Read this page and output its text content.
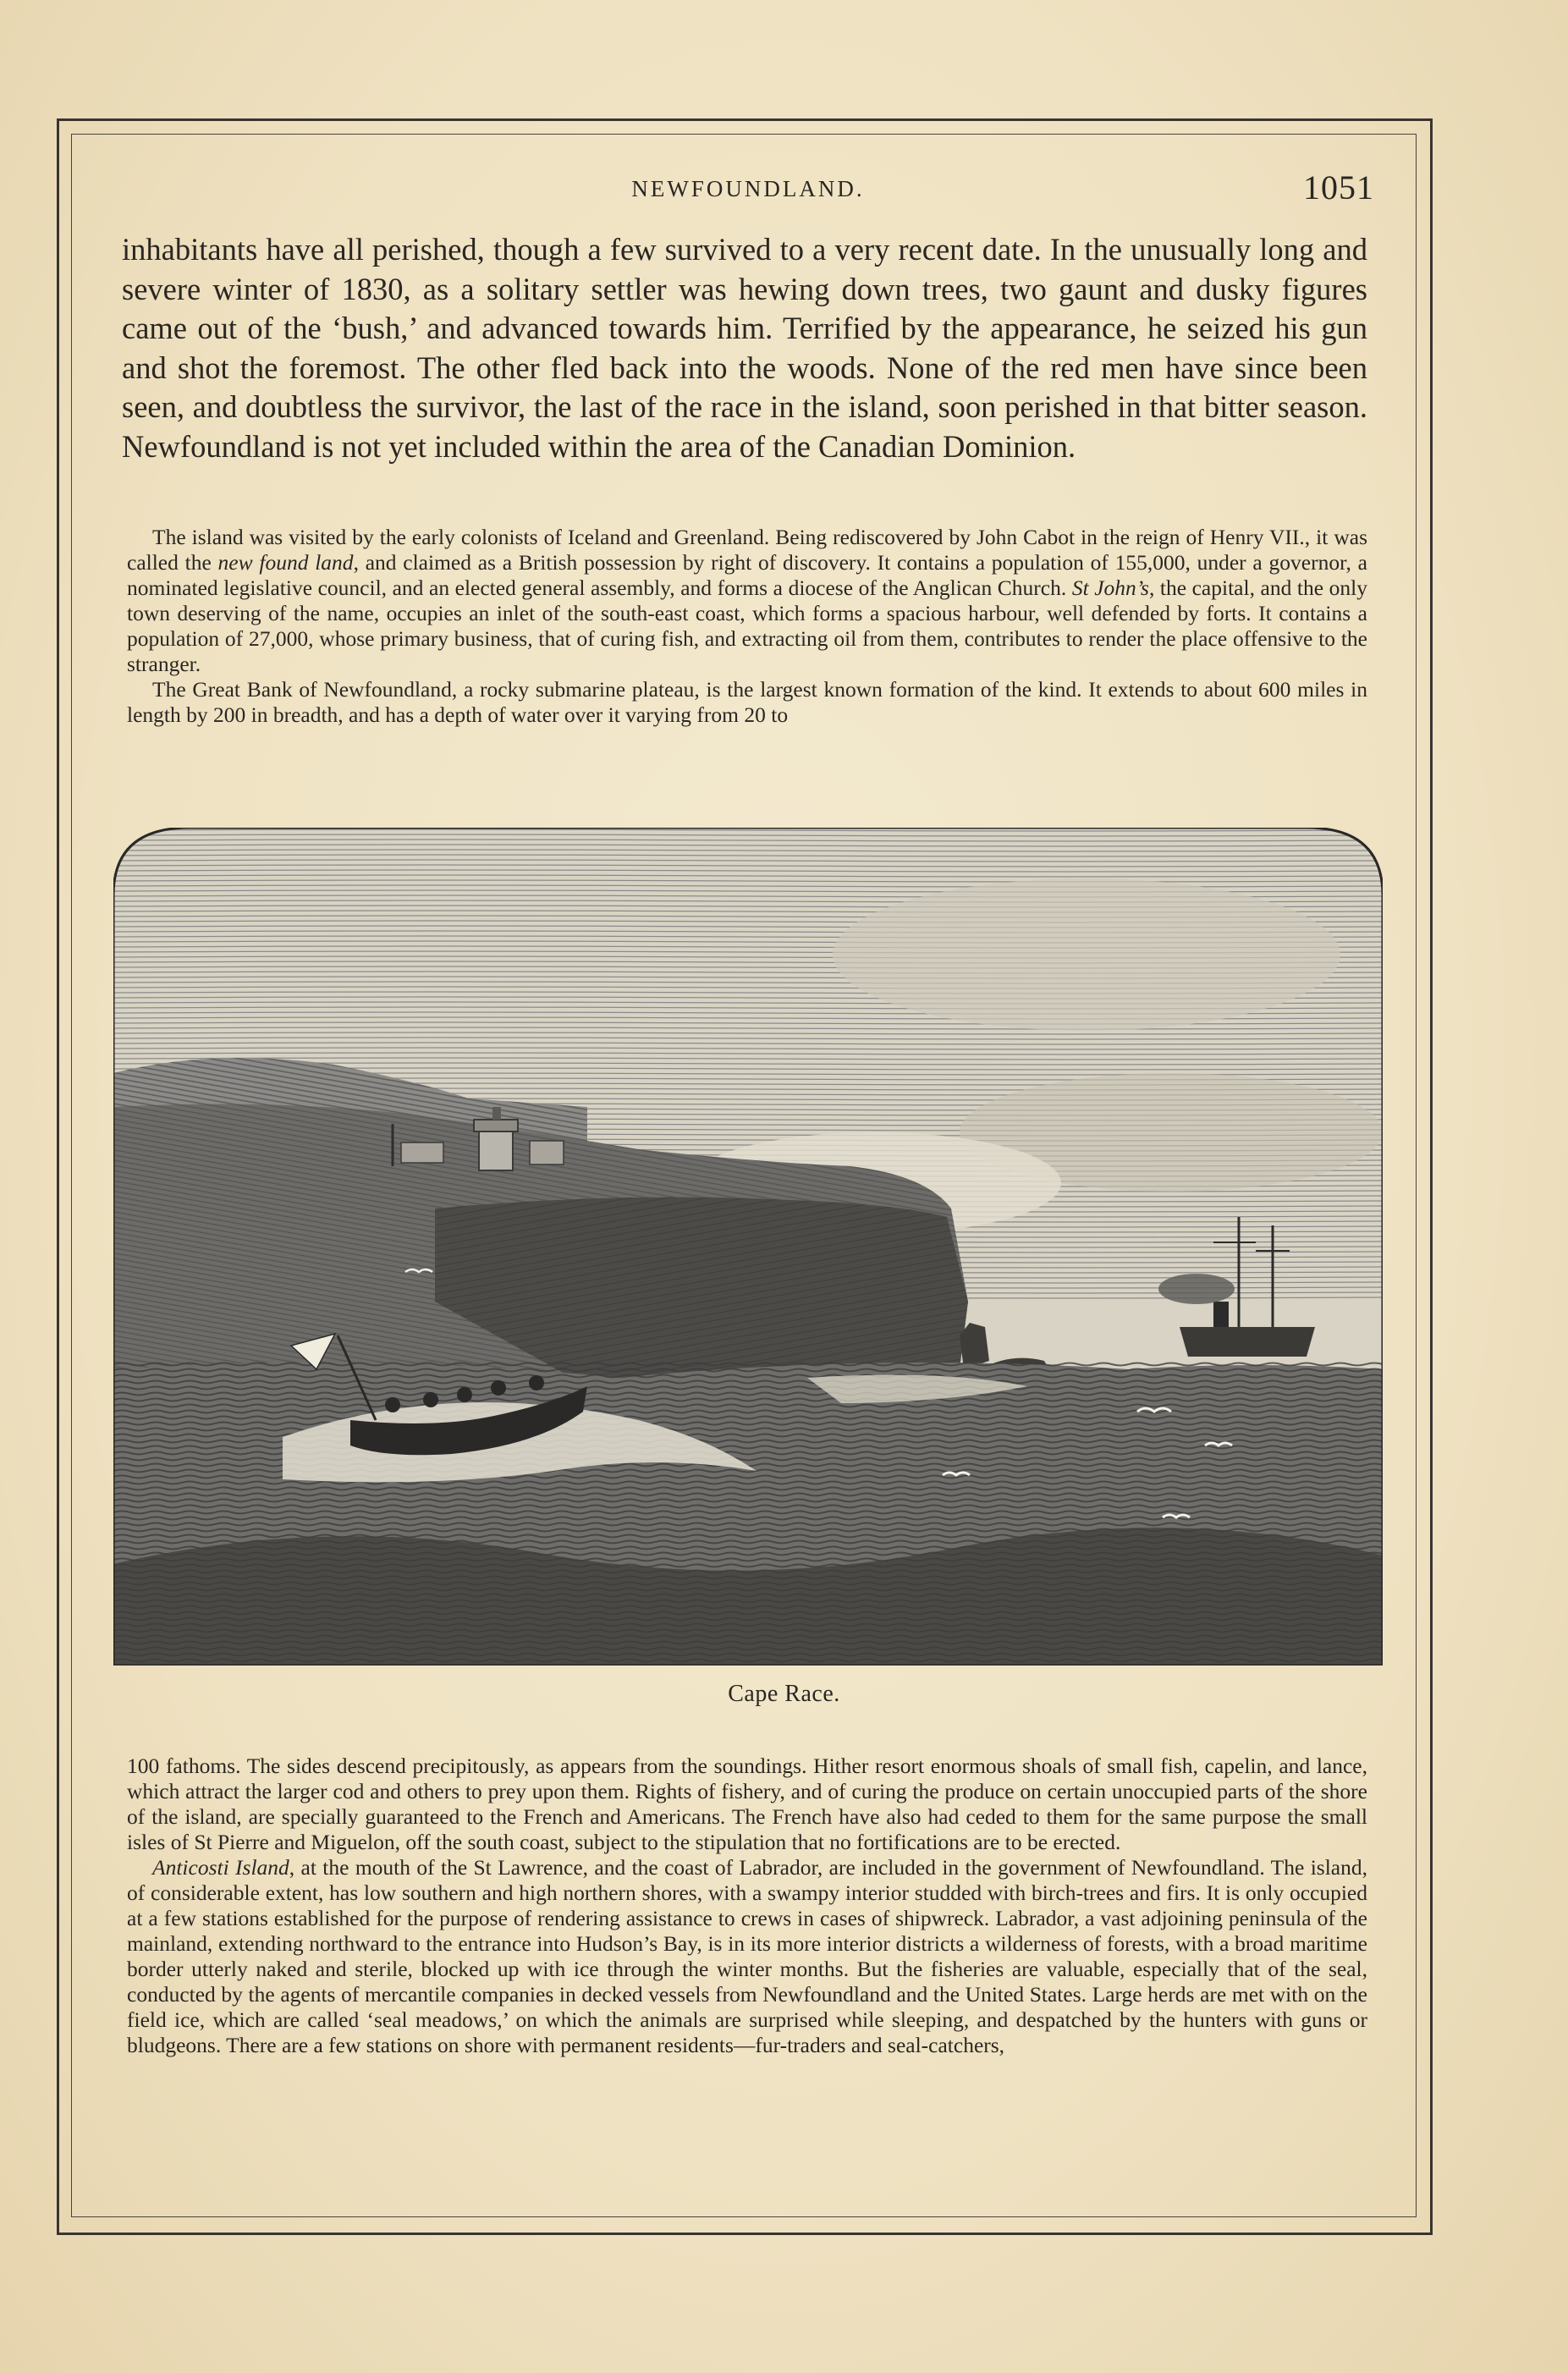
NEWFOUNDLAND.	1051

inhabitants have all perished, though a few survived to a very recent date. In the unusually long and severe winter of 1830, as a solitary settler was hewing down trees, two gaunt and dusky figures came out of the ‘bush,’ and advanced towards him. Terrified by the appearance, he seized his gun and shot the foremost. The other fled back into the woods. None of the red men have since been seen, and doubtless the survivor, the last of the race in the island, soon perished in that bitter season. Newfoundland is not yet included within the area of the Canadian Dominion.

The island was visited by the early colonists of Iceland and Greenland. Being rediscovered by John Cabot in the reign of Henry VII., it was called the new found land, and claimed as a British possession by right of discovery. It contains a population of 155,000, under a governor, a nominated legislative council, and an elected general assembly, and forms a diocese of the Anglican Church. St John’s, the capital, and the only town deserving of the name, occupies an inlet of the south-east coast, which forms a spacious harbour, well defended by forts. It contains a population of 27,000, whose primary business, that of curing fish, and extracting oil from them, contributes to render the place offensive to the stranger.

The Great Bank of Newfoundland, a rocky submarine plateau, is the largest known formation of the kind. It extends to about 600 miles in length by 200 in breadth, and has a depth of water over it varying from 20 to

Cape Race.

100 fathoms. The sides descend precipitously, as appears from the soundings. Hither resort enormous shoals of small fish, capelin, and lance, which attract the larger cod and others to prey upon them. Rights of fishery, and of curing the produce on certain unoccupied parts of the shore of the island, are specially guaranteed to the French and Americans. The French have also had ceded to them for the same purpose the small isles of St Pierre and Miguelon, off the south coast, subject to the stipulation that no fortifications are to be erected.

Anticosti Island, at the mouth of the St Lawrence, and the coast of Labrador, are included in the government of Newfoundland. The island, of considerable extent, has low southern and high northern shores, with a swampy interior studded with birch-trees and firs. It is only occupied at a few stations established for the purpose of rendering assistance to crews in cases of shipwreck. Labrador, a vast adjoining peninsula of the mainland, extending northward to the entrance into Hudson’s Bay, is in its more interior districts a wilderness of forests, with a broad maritime border utterly naked and sterile, blocked up with ice through the winter months. But the fisheries are valuable, especially that of the seal, conducted by the agents of mercantile companies in decked vessels from Newfoundland and the United States. Large herds are met with on the field ice, which are called ‘seal meadows,’ on which the animals are surprised while sleeping, and despatched by the hunters with guns or bludgeons. There are a few stations on shore with permanent residents—fur-traders and seal-catchers,
